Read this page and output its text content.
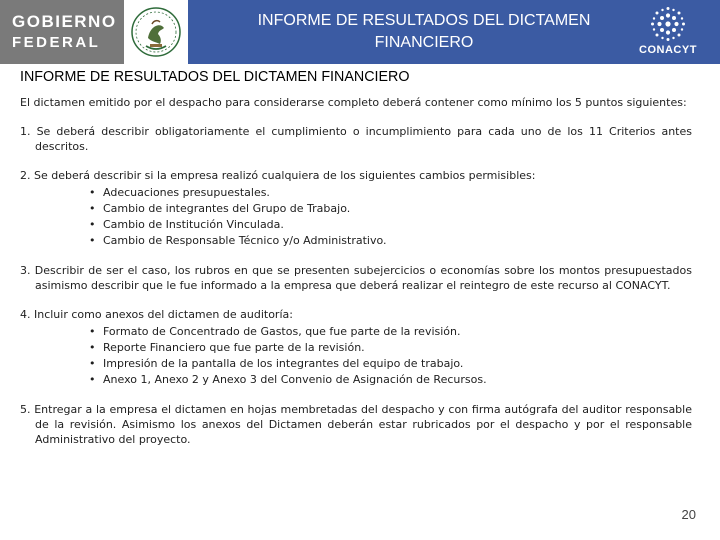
GOBIERNO
FEDERAL
INFORME DE RESULTADOS DEL DICTAMEN FINANCIERO	CONACYT
INFORME DE RESULTADOS DEL DICTAMEN FINANCIERO

El dictamen emitido por el despacho para considerarse completo deberá contener como mínimo los 5 puntos siguientes:

1. Se deberá describir obligatoriamente el cumplimiento o incumplimiento para cada uno de los 11 Criterios antes descritos.
2. Se deberá describir si la empresa realizó cualquiera de los siguientes cambios permisibles:
• Adecuaciones presupuestales.
• Cambio de integrantes del Grupo de Trabajo.
• Cambio de Institución Vinculada.
• Cambio de Responsable Técnico y/o Administrativo.
3. Describir de ser el caso, los rubros en que se presenten subejercicios o economías sobre los montos presupuestados asimismo describir que le fue informado a la empresa que deberá realizar el reintegro de este recurso al CONACYT.
4. Incluir como anexos del dictamen de auditoría:
• Formato de Concentrado de Gastos, que fue parte de la revisión.
• Reporte Financiero que fue parte de la revisión.
• Impresión de la pantalla de los integrantes del equipo de trabajo.
• Anexo 1, Anexo 2 y Anexo 3 del Convenio de Asignación de Recursos.
5. Entregar a la empresa el dictamen en hojas membretadas del despacho y con firma autógrafa del auditor responsable de la revisión. Asimismo los anexos del Dictamen deberán estar rubricados por el despacho y por el responsable Administrativo del proyecto.
20
